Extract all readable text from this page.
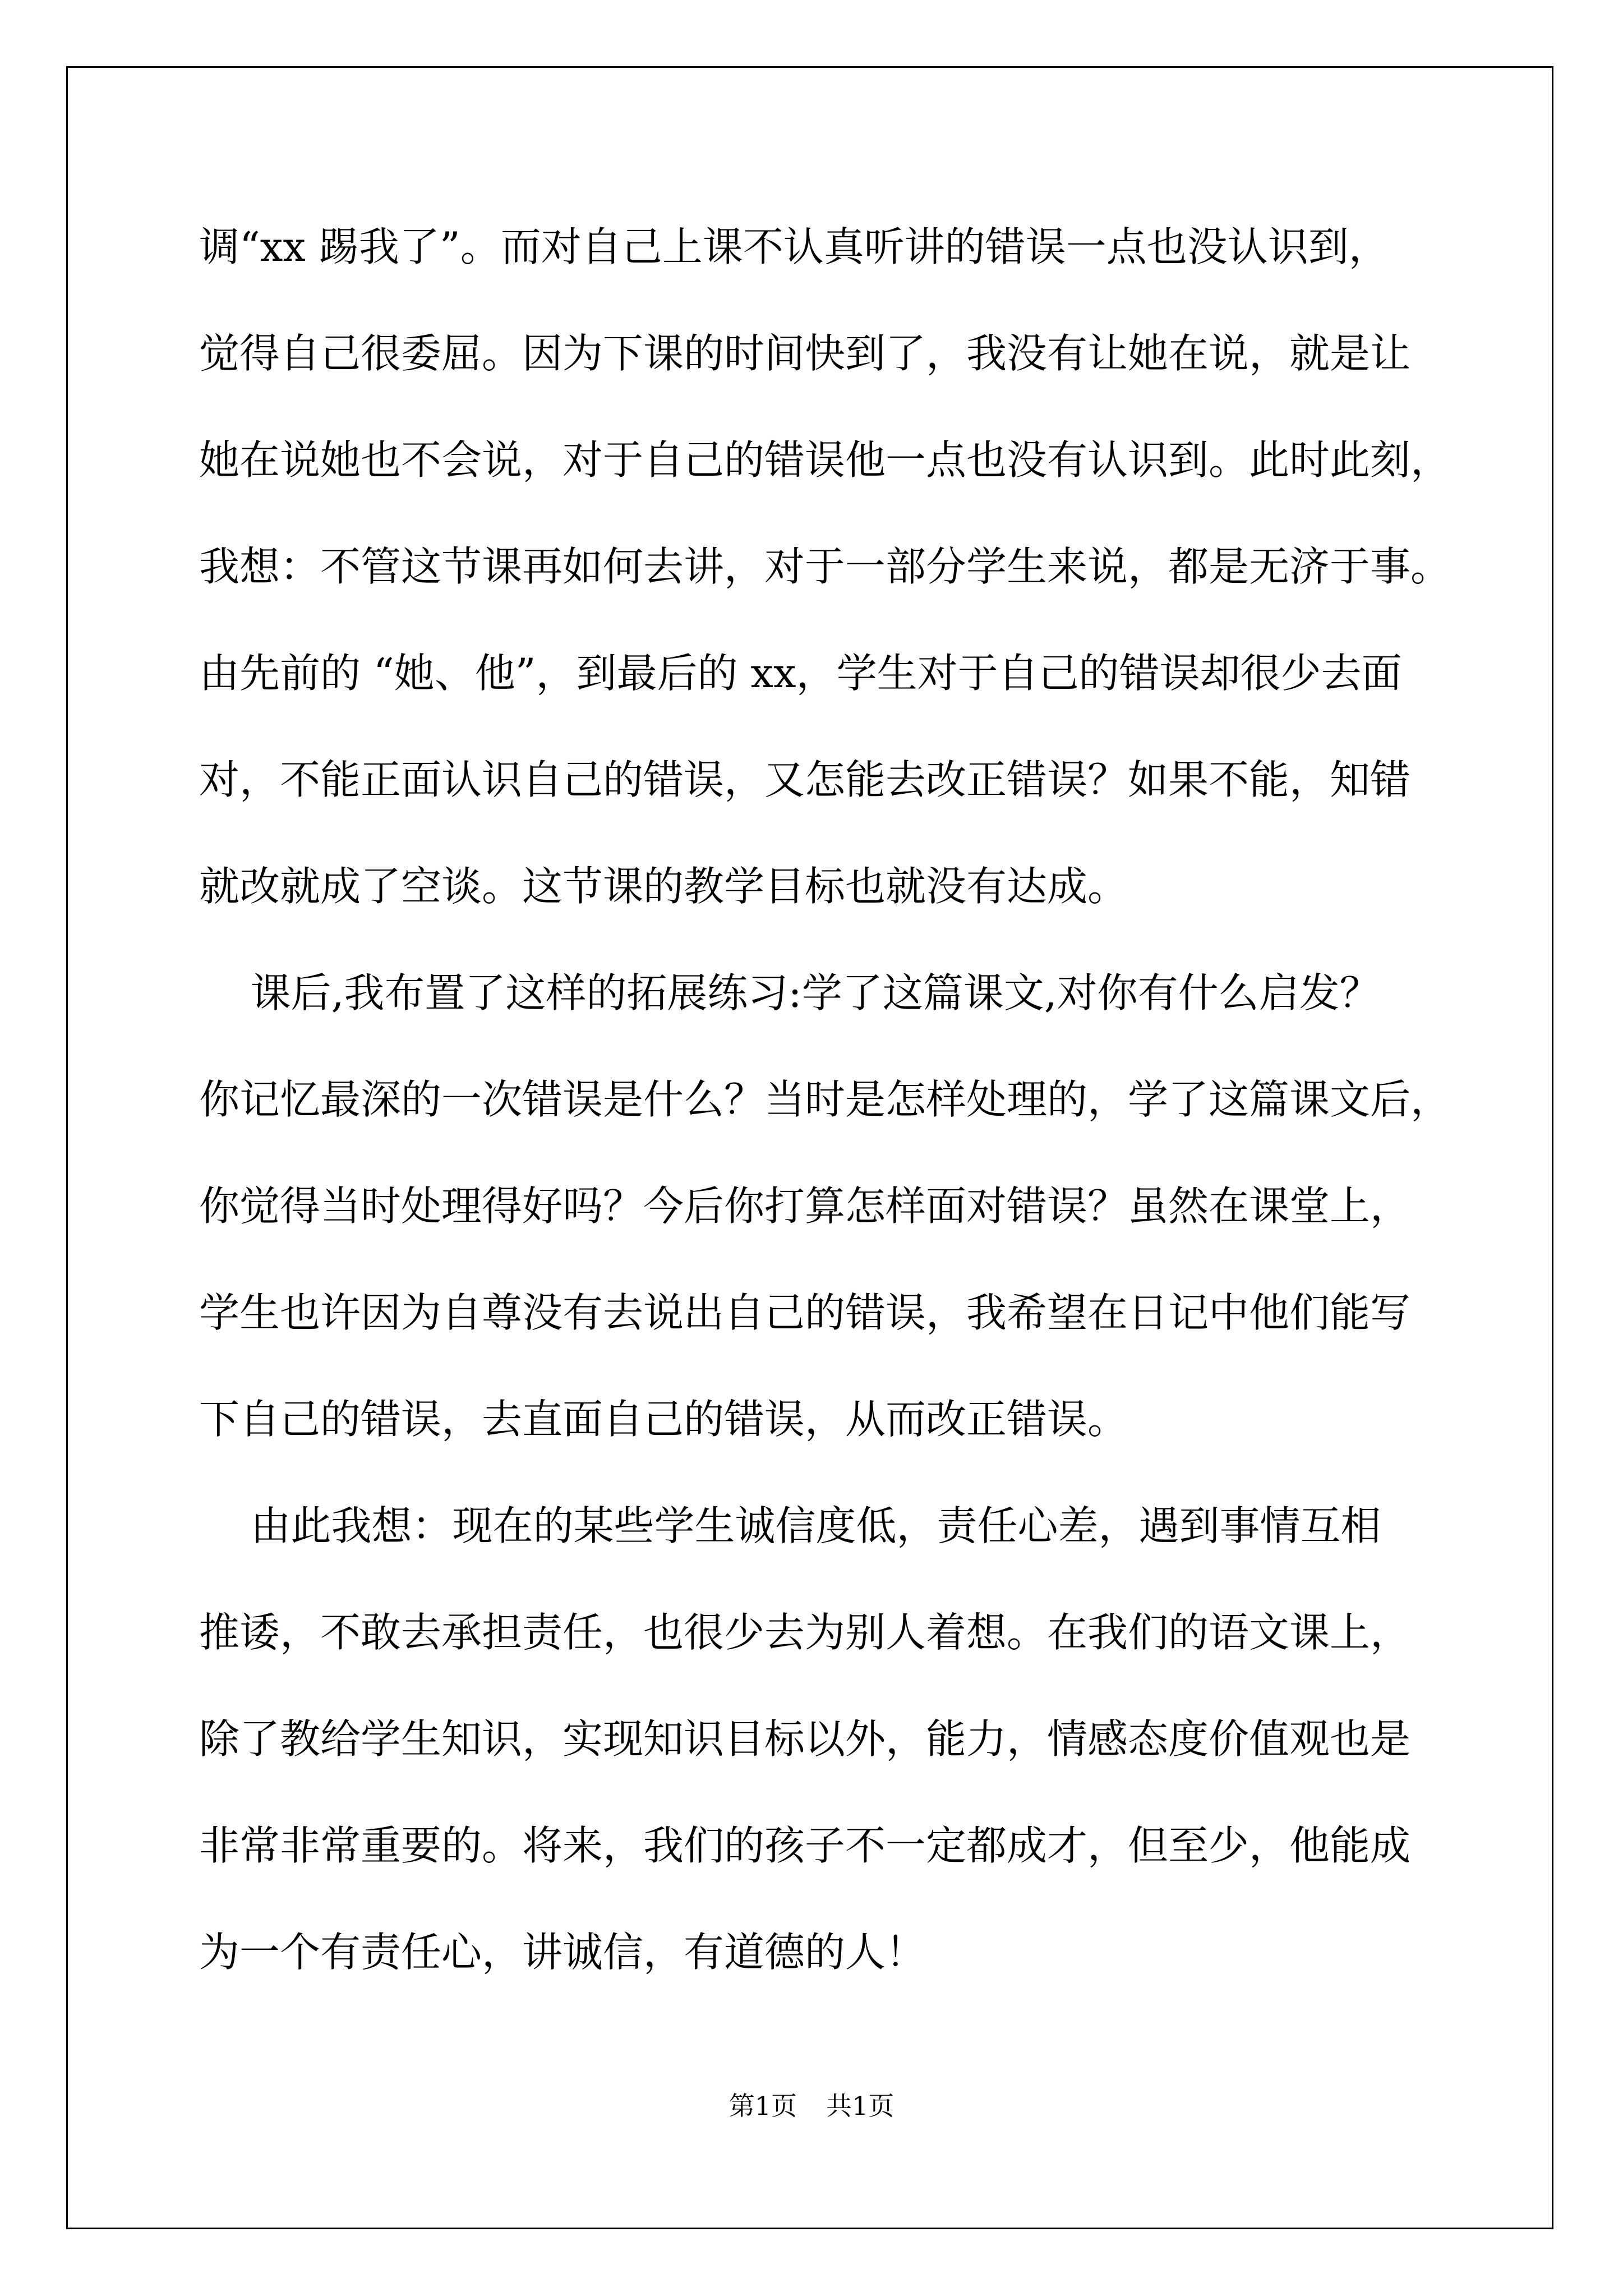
调“xx 踢我了”。而对自己上课不认真听讲的错误一点也没认识到，
觉得自己很委屈。因为下课的时间快到了，我没有让她在说，就是让
她在说她也不会说，对于自己的错误他一点也没有认识到。此时此刻，
我想：不管这节课再如何去讲，对于一部分学生来说，都是无济于事。
由先前的 “她、他”，到最后的 xx，学生对于自己的错误却很少去面
对，不能正面认识自己的错误，又怎能去改正错误？如果不能，知错
就改就成了空谈。这节课的教学目标也就没有达成。
课后,我布置了这样的拓展练习:学了这篇课文,对你有什么启发？
你记忆最深的一次错误是什么？当时是怎样处理的，学了这篇课文后，
你觉得当时处理得好吗？今后你打算怎样面对错误？虽然在课堂上，
学生也许因为自尊没有去说出自己的错误，我希望在日记中他们能写
下自己的错误，去直面自己的错误，从而改正错误。
由此我想：现在的某些学生诚信度低，责任心差，遇到事情互相
推诿，不敢去承担责任，也很少去为别人着想。在我们的语文课上，
除了教给学生知识，实现知识目标以外，能力，情感态度价值观也是
非常非常重要的。将来，我们的孩子不一定都成才，但至少，他能成
为一个有责任心，讲诚信，有道德的人！
第1页 共1页
